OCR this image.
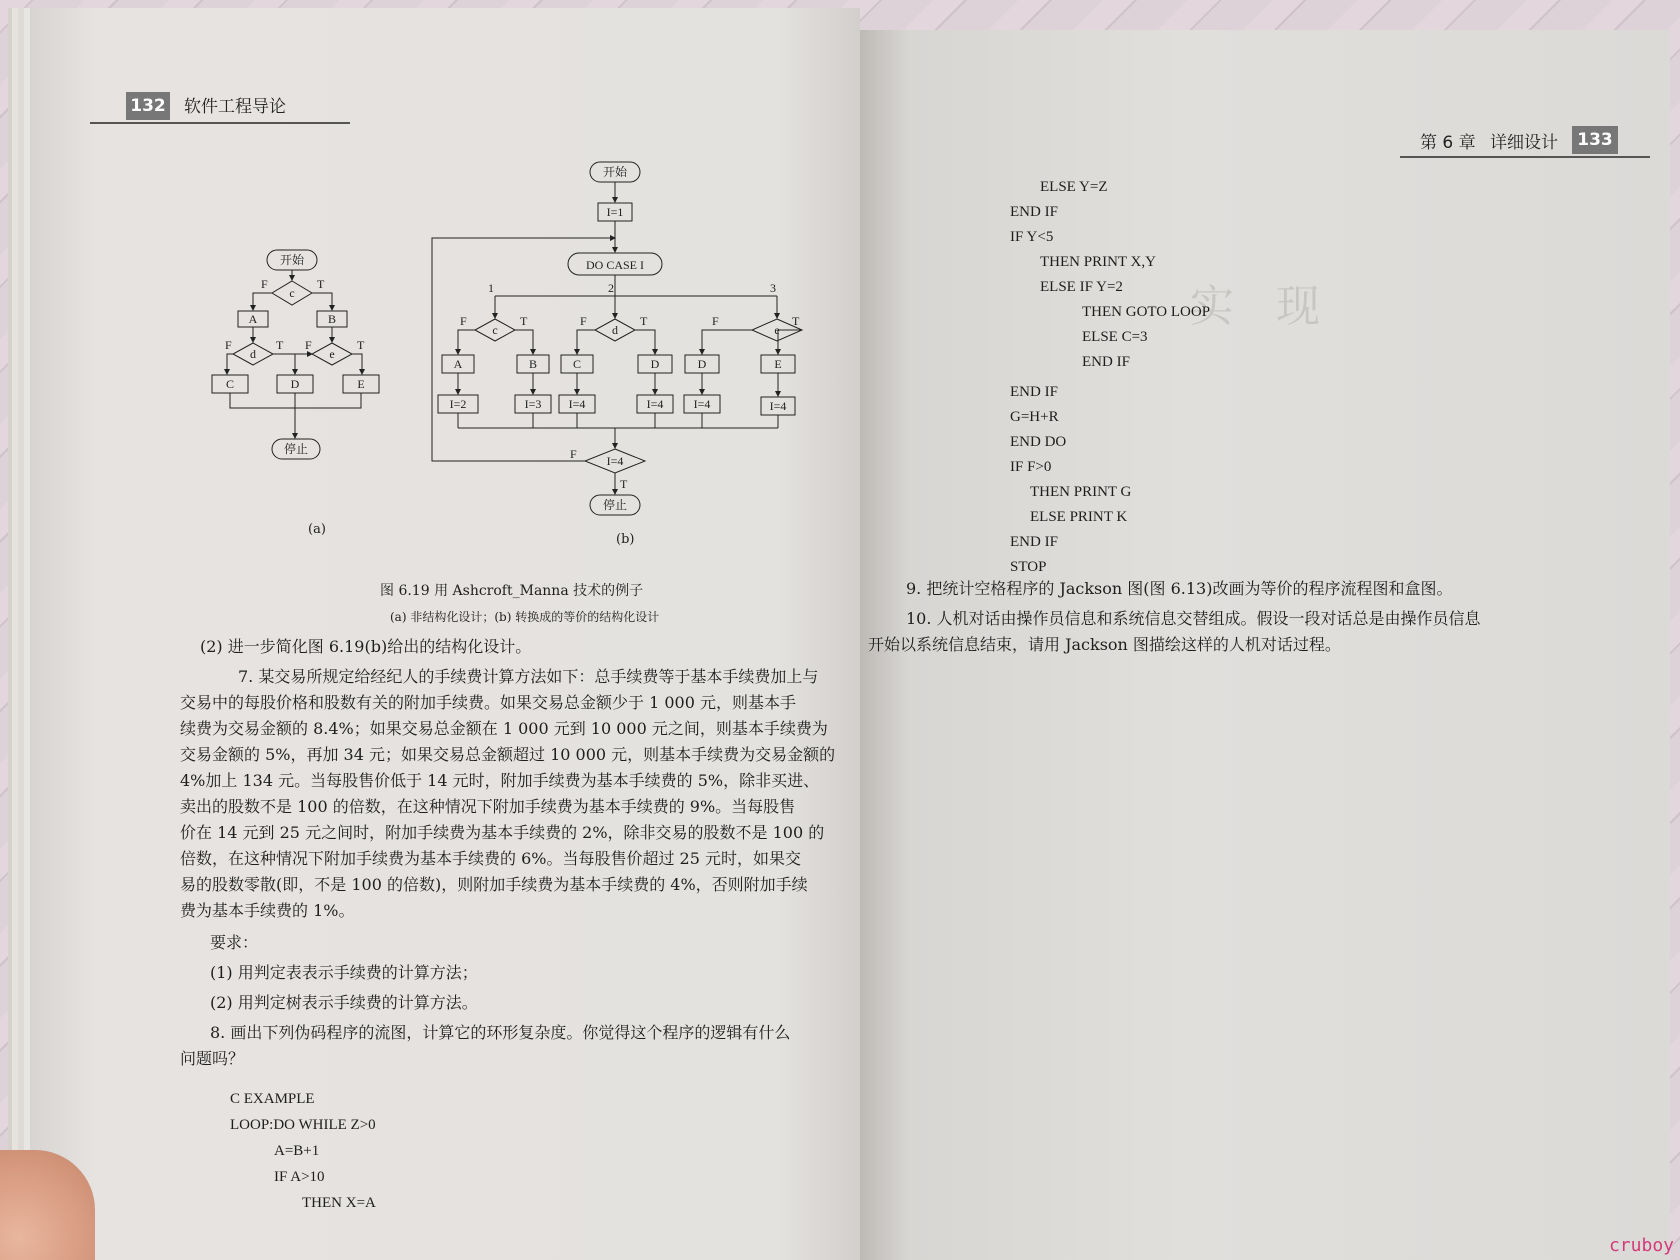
132 软件工程导论
开始
c
F	T
A	B
d	e
F	T F	T
C	D	E
停止
(a)
开始
I=1
DO CASE I
1	2	3
c	d	e
F	T	F	T	F	T
A	B	C	D	D	E
I=2	I=3 I=4	I=4	I=4	I=4
I=4
F
T
停止
(b)
图 6.19 用 Ashcroft_Manna 技术的例子
(a) 非结构化设计；(b) 转换成的等价的结构化设计
(2) 进一步简化图 6.19(b)给出的结构化设计。
7. 某交易所规定给经纪人的手续费计算方法如下：总手续费等于基本手续费加上与
交易中的每股价格和股数有关的附加手续费。如果交易总金额少于 1 000 元，则基本手
续费为交易金额的 8.4%；如果交易总金额在 1 000 元到 10 000 元之间，则基本手续费为
交易金额的 5%，再加 34 元；如果交易总金额超过 10 000 元，则基本手续费为交易金额的
4%加上 134 元。当每股售价低于 14 元时，附加手续费为基本手续费的 5%，除非买进、
卖出的股数不是 100 的倍数，在这种情况下附加手续费为基本手续费的 9%。当每股售
价在 14 元到 25 元之间时，附加手续费为基本手续费的 2%，除非交易的股数不是 100 的
倍数，在这种情况下附加手续费为基本手续费的 6%。当每股售价超过 25 元时，如果交
易的股数零散(即，不是 100 的倍数)，则附加手续费为基本手续费的 4%，否则附加手续
费为基本手续费的 1%。
要求：
(1) 用判定表表示手续费的计算方法；
(2) 用判定树表示手续费的计算方法。
8. 画出下列伪码程序的流图，计算它的环形复杂度。你觉得这个程序的逻辑有什么
问题吗？
C EXAMPLE
LOOP:DO WHILE Z>0
A=B+1
IF A>10
THEN X=A
实   现
第 6 章 详细设计	133
ELSE Y=Z
END IF
IF Y<5
THEN PRINT X,Y
ELSE IF Y=2
THEN GOTO LOOP
ELSE C=3
END IF
END IF
G=H+R
END DO
IF F>0
THEN PRINT G
ELSE PRINT K
END IF
STOP
9. 把统计空格程序的 Jackson 图(图 6.13)改画为等价的程序流程图和盒图。
10. 人机对话由操作员信息和系统信息交替组成。假设一段对话总是由操作员信息
开始以系统信息结束，请用 Jackson 图描绘这样的人机对话过程。
cruboy
